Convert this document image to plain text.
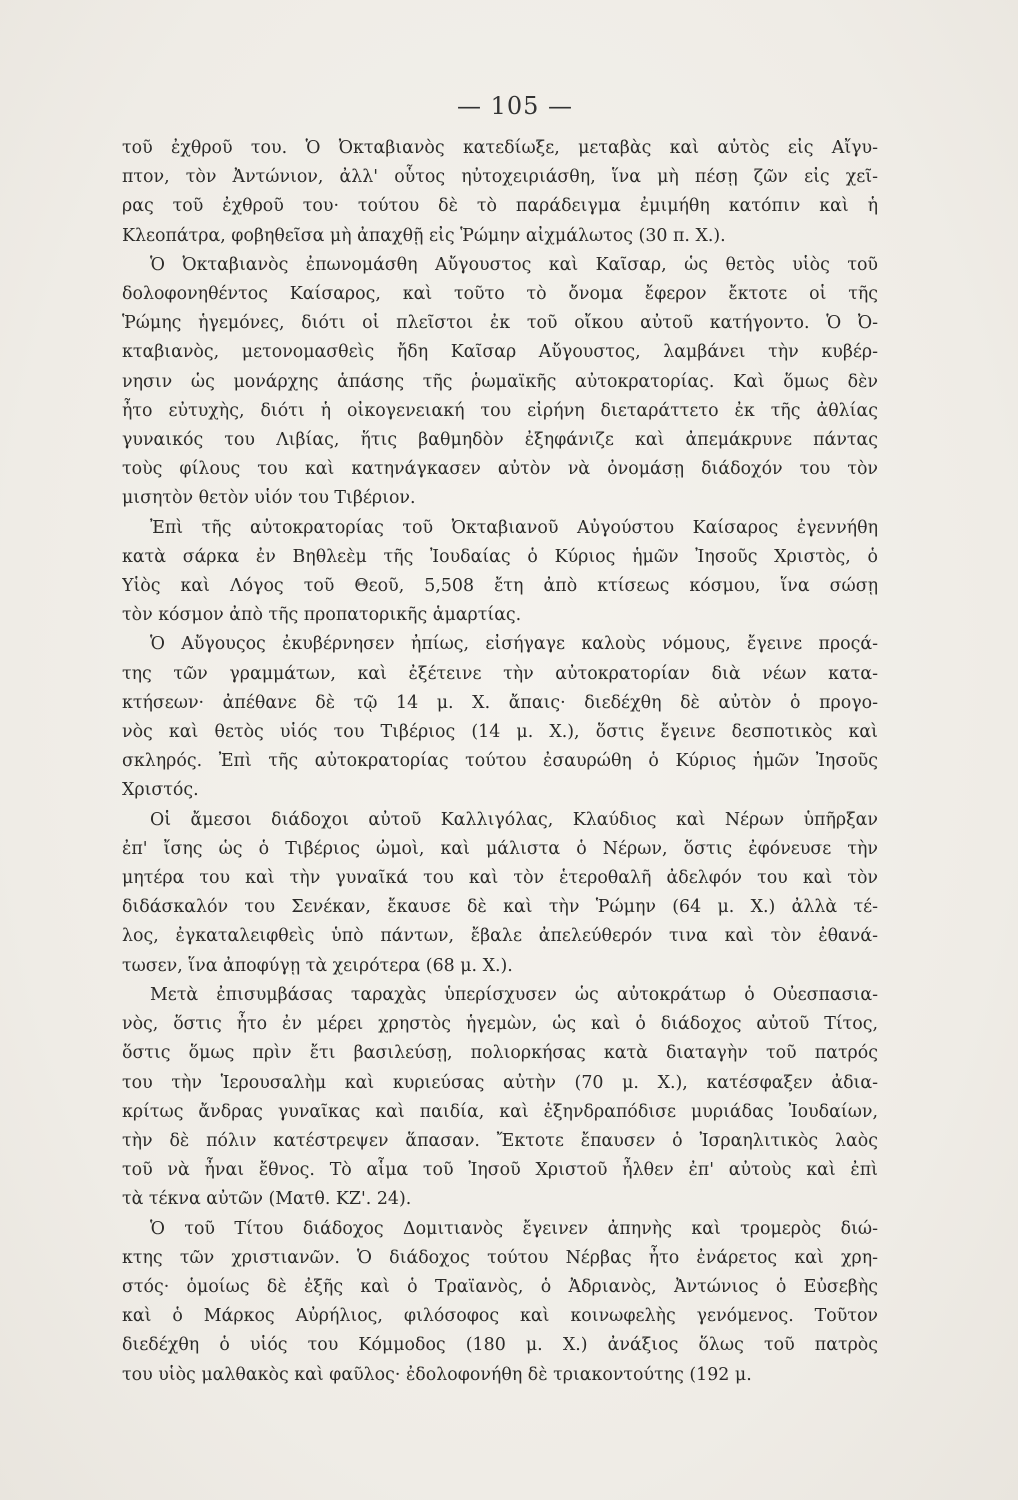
— 105 —

τοῦ ἐχθροῦ του. Ὁ Ὀκταβιανὸς κατεδίωξε, μεταβὰς καὶ αὐτὸς εἰς Αἴγυ-
πτον, τὸν Ἀντώνιον, ἀλλ' οὗτος ηὐτοχειριάσθη, ἵνα μὴ πέσῃ ζῶν εἰς χεῖ-
ρας τοῦ ἐχθροῦ του· τούτου δὲ τὸ παράδειγμα ἐμιμήθη κατόπιν καὶ ἡ
Κλεοπάτρα, φοβηθεῖσα μὴ ἀπαχθῇ εἰς Ῥώμην αἰχμάλωτος (30 π. Χ.).

Ὁ Ὀκταβιανὸς ἐπωνομάσθη Αὔγουστος καὶ Καῖσαρ, ὡς θετὸς υἱὸς τοῦ
δολοφονηθέντος Καίσαρος, καὶ τοῦτο τὸ ὄνομα ἔφερον ἔκτοτε οἱ τῆς
Ῥώμης ἡγεμόνες, διότι οἱ πλεῖστοι ἐκ τοῦ οἴκου αὐτοῦ κατήγοντο. Ὁ Ὀ-
κταβιανὸς, μετονομασθεὶς ἤδη Καῖσαρ Αὔγουστος, λαμβάνει τὴν κυβέρ-
νησιν ὡς μονάρχης ἁπάσης τῆς ῥωμαϊκῆς αὐτοκρατορίας. Καὶ ὅμως δὲν
ἦτο εὐτυχὴς, διότι ἡ οἰκογενειακή του εἰρήνη διεταράττετο ἐκ τῆς ἀθλίας
γυναικός του Λιβίας, ἥτις βαθμηδὸν ἐξηφάνιζε καὶ ἀπεμάκρυνε πάντας
τοὺς φίλους του καὶ κατηνάγκασεν αὐτὸν νὰ ὀνομάσῃ διάδοχόν του τὸν
μισητὸν θετὸν υἱόν του Τιβέριον.

Ἐπὶ τῆς αὐτοκρατορίας τοῦ Ὀκταβιανοῦ Αὐγούστου Καίσαρος ἐγεννήθη
κατὰ σάρκα ἐν Βηθλεὲμ τῆς Ἰουδαίας ὁ Κύριος ἡμῶν Ἰησοῦς Χριστὸς, ὁ
Υἱὸς καὶ Λόγος τοῦ Θεοῦ, 5,508 ἔτη ἀπὸ κτίσεως κόσμου, ἵνα σώσῃ
τὸν κόσμον ἀπὸ τῆς προπατορικῆς ἁμαρτίας.

Ὁ Αὔγουςος ἐκυβέρνησεν ἠπίως, εἰσήγαγε καλοὺς νόμους, ἔγεινε προςά-
της τῶν γραμμάτων, καὶ ἐξέτεινε τὴν αὐτοκρατορίαν διὰ νέων κατα-
κτήσεων· ἀπέθανε δὲ τῷ 14 μ. Χ. ἄπαις· διεδέχθη δὲ αὐτὸν ὁ προγο-
νὸς καὶ θετὸς υἱός του Τιβέριος (14 μ. Χ.), ὅστις ἔγεινε δεσποτικὸς καὶ
σκληρός. Ἐπὶ τῆς αὐτοκρατορίας τούτου ἐσαυρώθη ὁ Κύριος ἡμῶν Ἰησοῦς
Χριστός.

Οἱ ἄμεσοι διάδοχοι αὐτοῦ Καλλιγόλας, Κλαύδιος καὶ Νέρων ὑπῆρξαν
ἐπ' ἴσης ὡς ὁ Τιβέριος ὠμοὶ, καὶ μάλιστα ὁ Νέρων, ὅστις ἐφόνευσε τὴν
μητέρα του καὶ τὴν γυναῖκά του καὶ τὸν ἑτεροθαλῆ ἀδελφόν του καὶ τὸν
διδάσκαλόν του Σενέκαν, ἔκαυσε δὲ καὶ τὴν Ῥώμην (64 μ. Χ.) ἀλλὰ τέ-
λος, ἐγκαταλειφθεὶς ὑπὸ πάντων, ἔβαλε ἀπελεύθερόν τινα καὶ τὸν ἐθανά-
τωσεν, ἵνα ἀποφύγῃ τὰ χειρότερα (68 μ. Χ.).

Μετὰ ἐπισυμβάσας ταραχὰς ὑπερίσχυσεν ὡς αὐτοκράτωρ ὁ Οὐεσπασια-
νὸς, ὅστις ἦτο ἐν μέρει χρηστὸς ἡγεμὼν, ὡς καὶ ὁ διάδοχος αὐτοῦ Τίτος,
ὅστις ὅμως πρὶν ἔτι βασιλεύσῃ, πολιορκήσας κατὰ διαταγὴν τοῦ πατρός
του τὴν Ἱερουσαλὴμ καὶ κυριεύσας αὐτὴν (70 μ. Χ.), κατέσφαξεν ἀδια-
κρίτως ἄνδρας γυναῖκας καὶ παιδία, καὶ ἐξηνδραπόδισε μυριάδας Ἰουδαίων,
τὴν δὲ πόλιν κατέστρεψεν ἅπασαν. Ἔκτοτε ἔπαυσεν ὁ Ἰσραηλιτικὸς λαὸς
τοῦ νὰ ἦναι ἔθνος. Τὸ αἷμα τοῦ Ἰησοῦ Χριστοῦ ἦλθεν ἐπ' αὐτοὺς καὶ ἐπὶ
τὰ τέκνα αὐτῶν (Ματθ. ΚΖ'. 24).

Ὁ τοῦ Τίτου διάδοχος Δομιτιανὸς ἔγεινεν ἀπηνὴς καὶ τρομερὸς διώ-
κτης τῶν χριστιανῶν. Ὁ διάδοχος τούτου Νέρβας ἦτο ἐνάρετος καὶ χρη-
στός· ὁμοίως δὲ ἐξῆς καὶ ὁ Τραϊανὸς, ὁ Ἀδριανὸς, Ἀντώνιος ὁ Εὐσεβὴς
καὶ ὁ Μάρκος Αὐρήλιος, φιλόσοφος καὶ κοινωφελὴς γενόμενος. Τοῦτον
διεδέχθη ὁ υἱός του Κόμμοδος (180 μ. Χ.) ἀνάξιος ὅλως τοῦ πατρὸς
του υἱὸς μαλθακὸς καὶ φαῦλος· ἐδολοφονήθη δὲ τριακοντούτης (192 μ.
